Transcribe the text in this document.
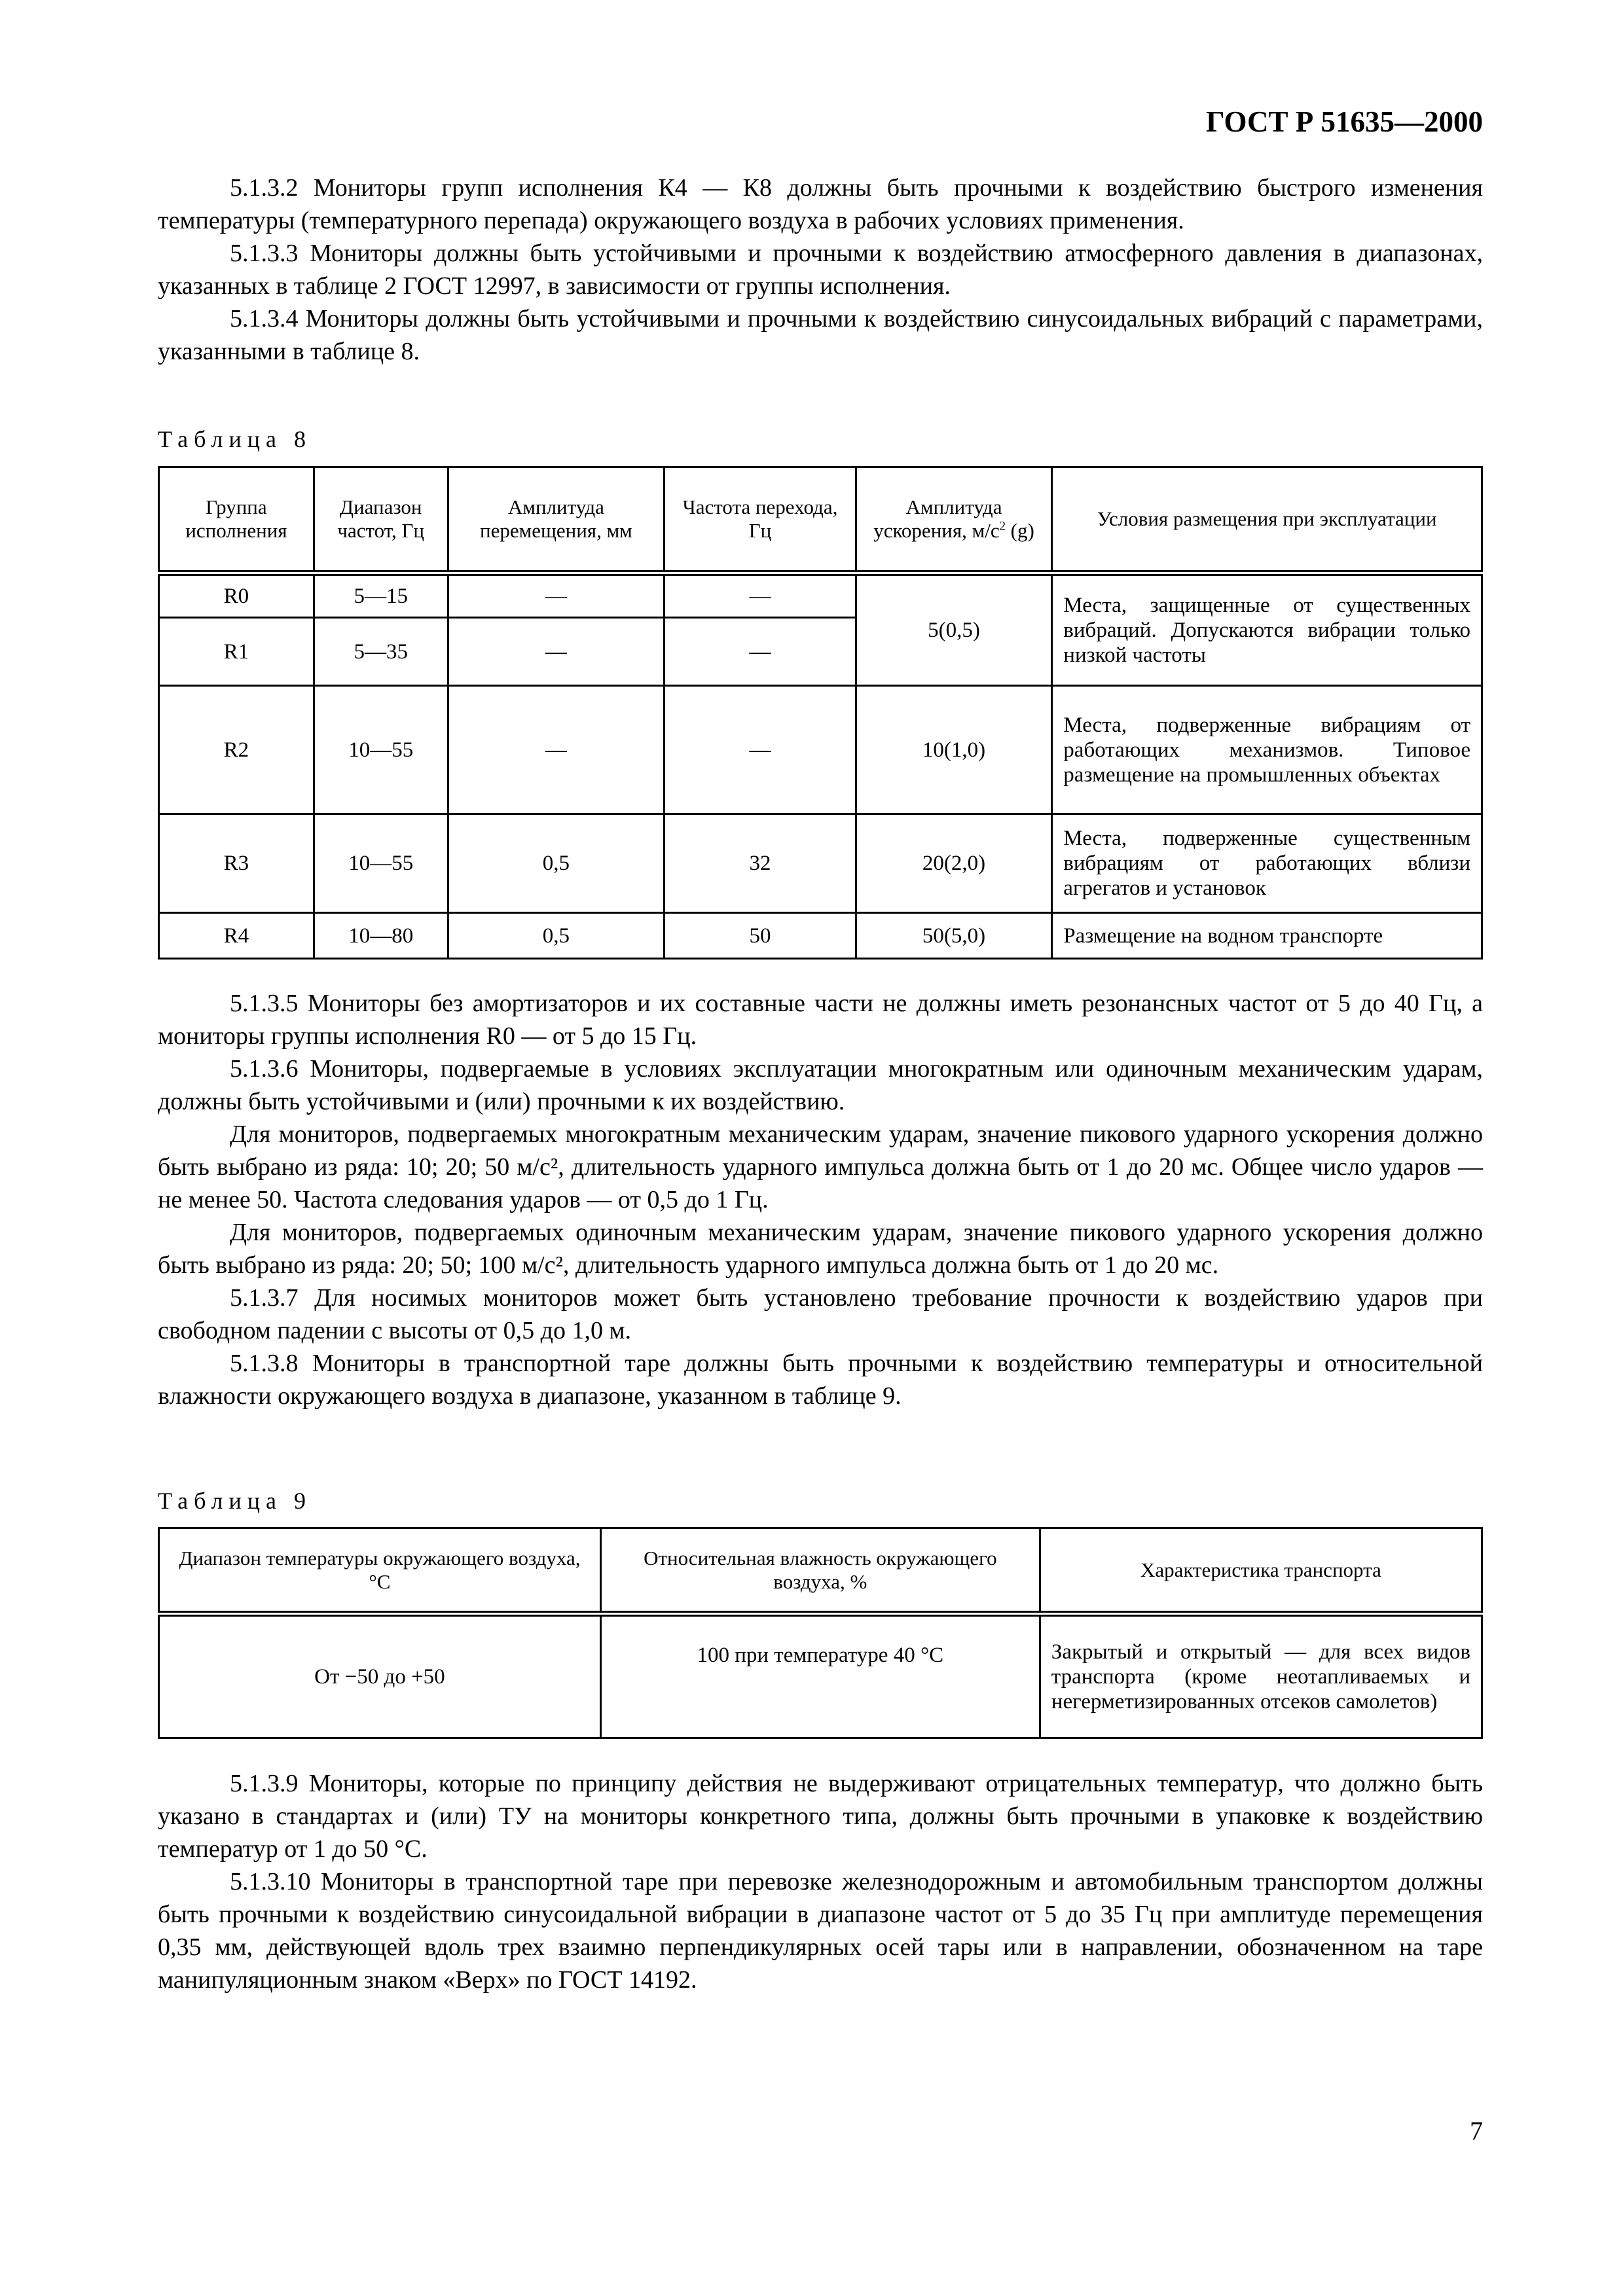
ГОСТ Р 51635—2000

5.1.3.2 Мониторы групп исполнения К4 — К8 должны быть прочными к воздействию быстрого изменения температуры (температурного перепада) окружающего воздуха в рабочих условиях применения.

5.1.3.3 Мониторы должны быть устойчивыми и прочными к воздействию атмосферного давления в диапазонах, указанных в таблице 2 ГОСТ 12997, в зависимости от группы исполнения.

5.1.3.4 Мониторы должны быть устойчивыми и прочными к воздействию синусоидальных вибраций с параметрами, указанными в таблице 8.

Таблица 8
Группа исполнения	Диапазон частот, Гц	Амплитуда перемещения, мм	Частота перехода, Гц	Амплитуда ускорения, $м/с^2$ (g)	Условия размещения при эксплуатации
R0	5—15	—	—	5(0,5)	Места, защищенные от существенных вибраций. Допускаются вибрации только низкой частоты
R1	5—35	—	—		
R2	10—55	—	—	10(1,0)	Места, подверженные вибрациям от работающих механизмов. Типовое размещение на промышленных объектах
R3	10—55	0,5	32	20(2,0)	Места, подверженные существенным вибрациям от работающих вблизи агрегатов и установок
R4	10—80	0,5	50	50(5,0)	Размещение на водном транспорте

5.1.3.5 Мониторы без амортизаторов и их составные части не должны иметь резонансных частот от 5 до 40 Гц, а мониторы группы исполнения R0 — от 5 до 15 Гц.

5.1.3.6 Мониторы, подвергаемые в условиях эксплуатации многократным или одиночным механическим ударам, должны быть устойчивыми и (или) прочными к их воздействию.

Для мониторов, подвергаемых многократным механическим ударам, значение пикового ударного ускорения должно быть выбрано из ряда: 10; 20; 50 м/с², длительность ударного импульса должна быть от 1 до 20 мс. Общее число ударов — не менее 50. Частота следования ударов — от 0,5 до 1 Гц.

Для мониторов, подвергаемых одиночным механическим ударам, значение пикового ударного ускорения должно быть выбрано из ряда: 20; 50; 100 м/с², длительность ударного импульса должна быть от 1 до 20 мс.

5.1.3.7 Для носимых мониторов может быть установлено требование прочности к воздействию ударов при свободном падении с высоты от 0,5 до 1,0 м.

5.1.3.8 Мониторы в транспортной таре должны быть прочными к воздействию температуры и относительной влажности окружающего воздуха в диапазоне, указанном в таблице 9.

Таблица 9
Диапазон температуры окружающего воздуха, °С	Относительная влажность окружающего воздуха, %	Характеристика транспорта
От −50 до +50	100 при температуре 40 °С	Закрытый и открытый — для всех видов транспорта (кроме неотапливаемых и негерметизированных отсеков самолетов)

5.1.3.9 Мониторы, которые по принципу действия не выдерживают отрицательных температур, что должно быть указано в стандартах и (или) ТУ на мониторы конкретного типа, должны быть прочными в упаковке к воздействию температур от 1 до 50 °С.

5.1.3.10 Мониторы в транспортной таре при перевозке железнодорожным и автомобильным транспортом должны быть прочными к воздействию синусоидальной вибрации в диапазоне частот от 5 до 35 Гц при амплитуде перемещения 0,35 мм, действующей вдоль трех взаимно перпендикулярных осей тары или в направлении, обозначенном на таре манипуляционным знаком «Верх» по ГОСТ 14192.

7
